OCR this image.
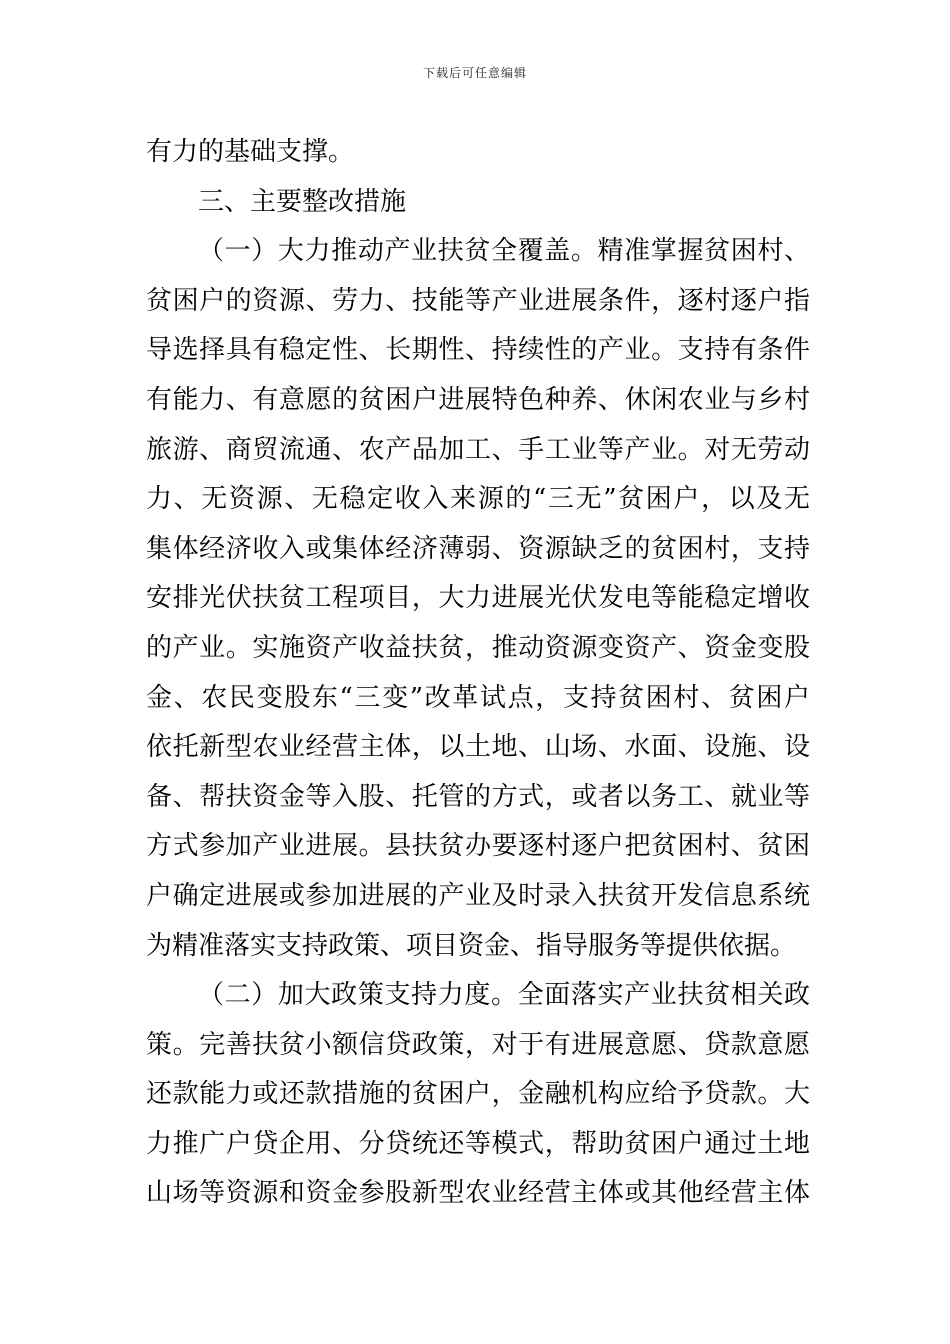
下载后可任意编辑
有力的基础支撑。
三、主要整改措施
（一）大力推动产业扶贫全覆盖。精准掌握贫困村、
贫困户的资源、劳力、技能等产业进展条件，逐村逐户指
导选择具有稳定性、长期性、持续性的产业。支持有条件
有能力、有意愿的贫困户进展特色种养、休闲农业与乡村
旅游、商贸流通、农产品加工、手工业等产业。对无劳动
力、无资源、无稳定收入来源的“三无”贫困户，以及无
集体经济收入或集体经济薄弱、资源缺乏的贫困村，支持
安排光伏扶贫工程项目，大力进展光伏发电等能稳定增收
的产业。实施资产收益扶贫，推动资源变资产、资金变股
金、农民变股东“三变”改革试点，支持贫困村、贫困户
依托新型农业经营主体，以土地、山场、水面、设施、设
备、帮扶资金等入股、托管的方式，或者以务工、就业等
方式参加产业进展。县扶贫办要逐村逐户把贫困村、贫困
户确定进展或参加进展的产业及时录入扶贫开发信息系统
为精准落实支持政策、项目资金、指导服务等提供依据。
（二）加大政策支持力度。全面落实产业扶贫相关政
策。完善扶贫小额信贷政策，对于有进展意愿、贷款意愿
还款能力或还款措施的贫困户，金融机构应给予贷款。大
力推广户贷企用、分贷统还等模式，帮助贫困户通过土地
山场等资源和资金参股新型农业经营主体或其他经营主体
